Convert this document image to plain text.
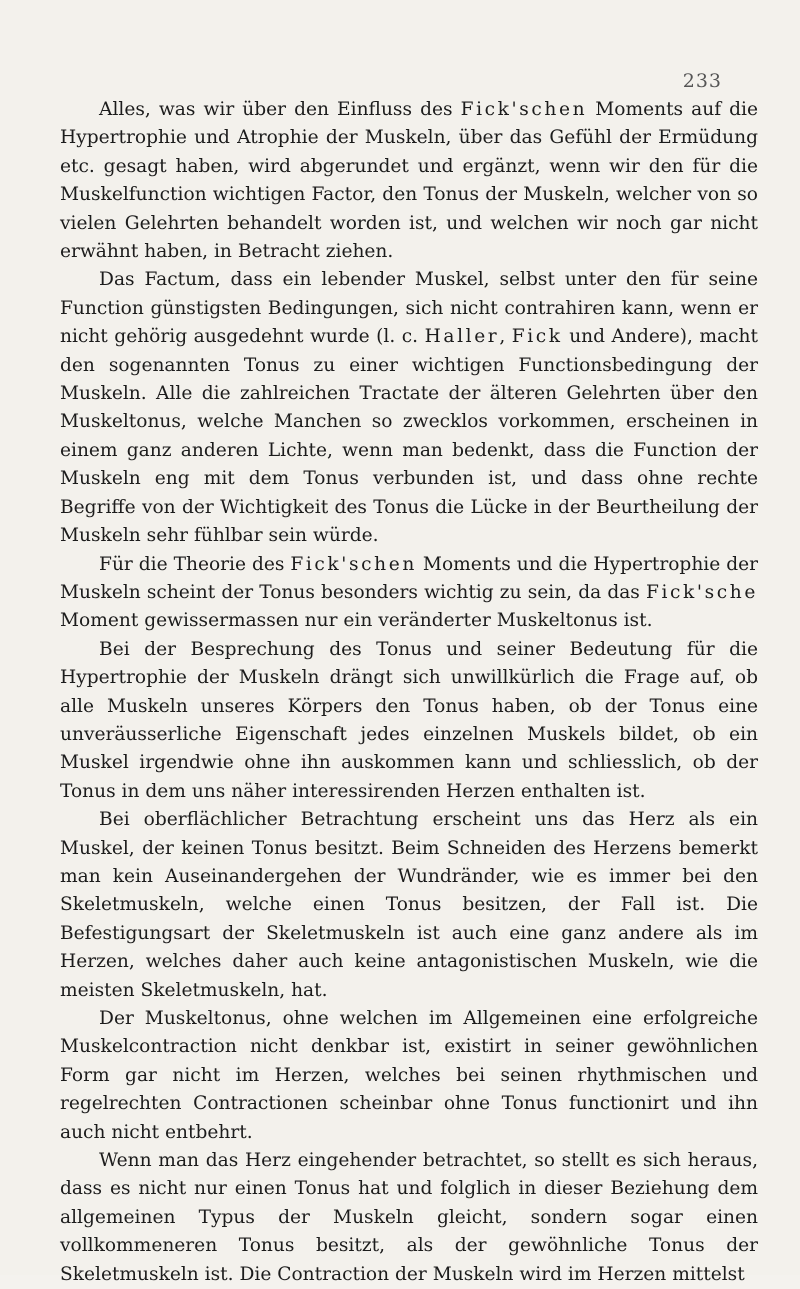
233

Alles, was wir über den Einfluss des Fick'schen Moments auf die Hypertrophie und Atrophie der Muskeln, über das Gefühl der Ermüdung etc. gesagt haben, wird abgerundet und ergänzt, wenn wir den für die Muskelfunction wichtigen Factor, den Tonus der Muskeln, welcher von so vielen Gelehrten behandelt worden ist, und welchen wir noch gar nicht erwähnt haben, in Betracht ziehen.

Das Factum, dass ein lebender Muskel, selbst unter den für seine Function günstigsten Bedingungen, sich nicht contrahiren kann, wenn er nicht gehörig ausgedehnt wurde (l. c. Haller, Fick und Andere), macht den sogenannten Tonus zu einer wichtigen Functionsbedingung der Muskeln. Alle die zahlreichen Tractate der älteren Gelehrten über den Muskeltonus, welche Manchen so zwecklos vorkommen, erscheinen in einem ganz anderen Lichte, wenn man bedenkt, dass die Function der Muskeln eng mit dem Tonus verbunden ist, und dass ohne rechte Begriffe von der Wichtigkeit des Tonus die Lücke in der Beurtheilung der Muskeln sehr fühlbar sein würde.

Für die Theorie des Fick'schen Moments und die Hypertrophie der Muskeln scheint der Tonus besonders wichtig zu sein, da das Fick'sche Moment gewissermassen nur ein veränderter Muskeltonus ist.

Bei der Besprechung des Tonus und seiner Bedeutung für die Hypertrophie der Muskeln drängt sich unwillkürlich die Frage auf, ob alle Muskeln unseres Körpers den Tonus haben, ob der Tonus eine unveräusserliche Eigenschaft jedes einzelnen Muskels bildet, ob ein Muskel irgendwie ohne ihn auskommen kann und schliesslich, ob der Tonus in dem uns näher interessirenden Herzen enthalten ist.

Bei oberflächlicher Betrachtung erscheint uns das Herz als ein Muskel, der keinen Tonus besitzt. Beim Schneiden des Herzens bemerkt man kein Auseinandergehen der Wundränder, wie es immer bei den Skeletmuskeln, welche einen Tonus besitzen, der Fall ist. Die Befestigungsart der Skeletmuskeln ist auch eine ganz andere als im Herzen, welches daher auch keine antagonistischen Muskeln, wie die meisten Skeletmuskeln, hat.

Der Muskeltonus, ohne welchen im Allgemeinen eine erfolgreiche Muskelcontraction nicht denkbar ist, existirt in seiner gewöhnlichen Form gar nicht im Herzen, welches bei seinen rhythmischen und regelrechten Contractionen scheinbar ohne Tonus functionirt und ihn auch nicht entbehrt.

Wenn man das Herz eingehender betrachtet, so stellt es sich heraus, dass es nicht nur einen Tonus hat und folglich in dieser Beziehung dem allgemeinen Typus der Muskeln gleicht, sondern sogar einen vollkommeneren Tonus besitzt, als der gewöhnliche Tonus der Skeletmuskeln ist. Die Contraction der Muskeln wird im Herzen mittelst
